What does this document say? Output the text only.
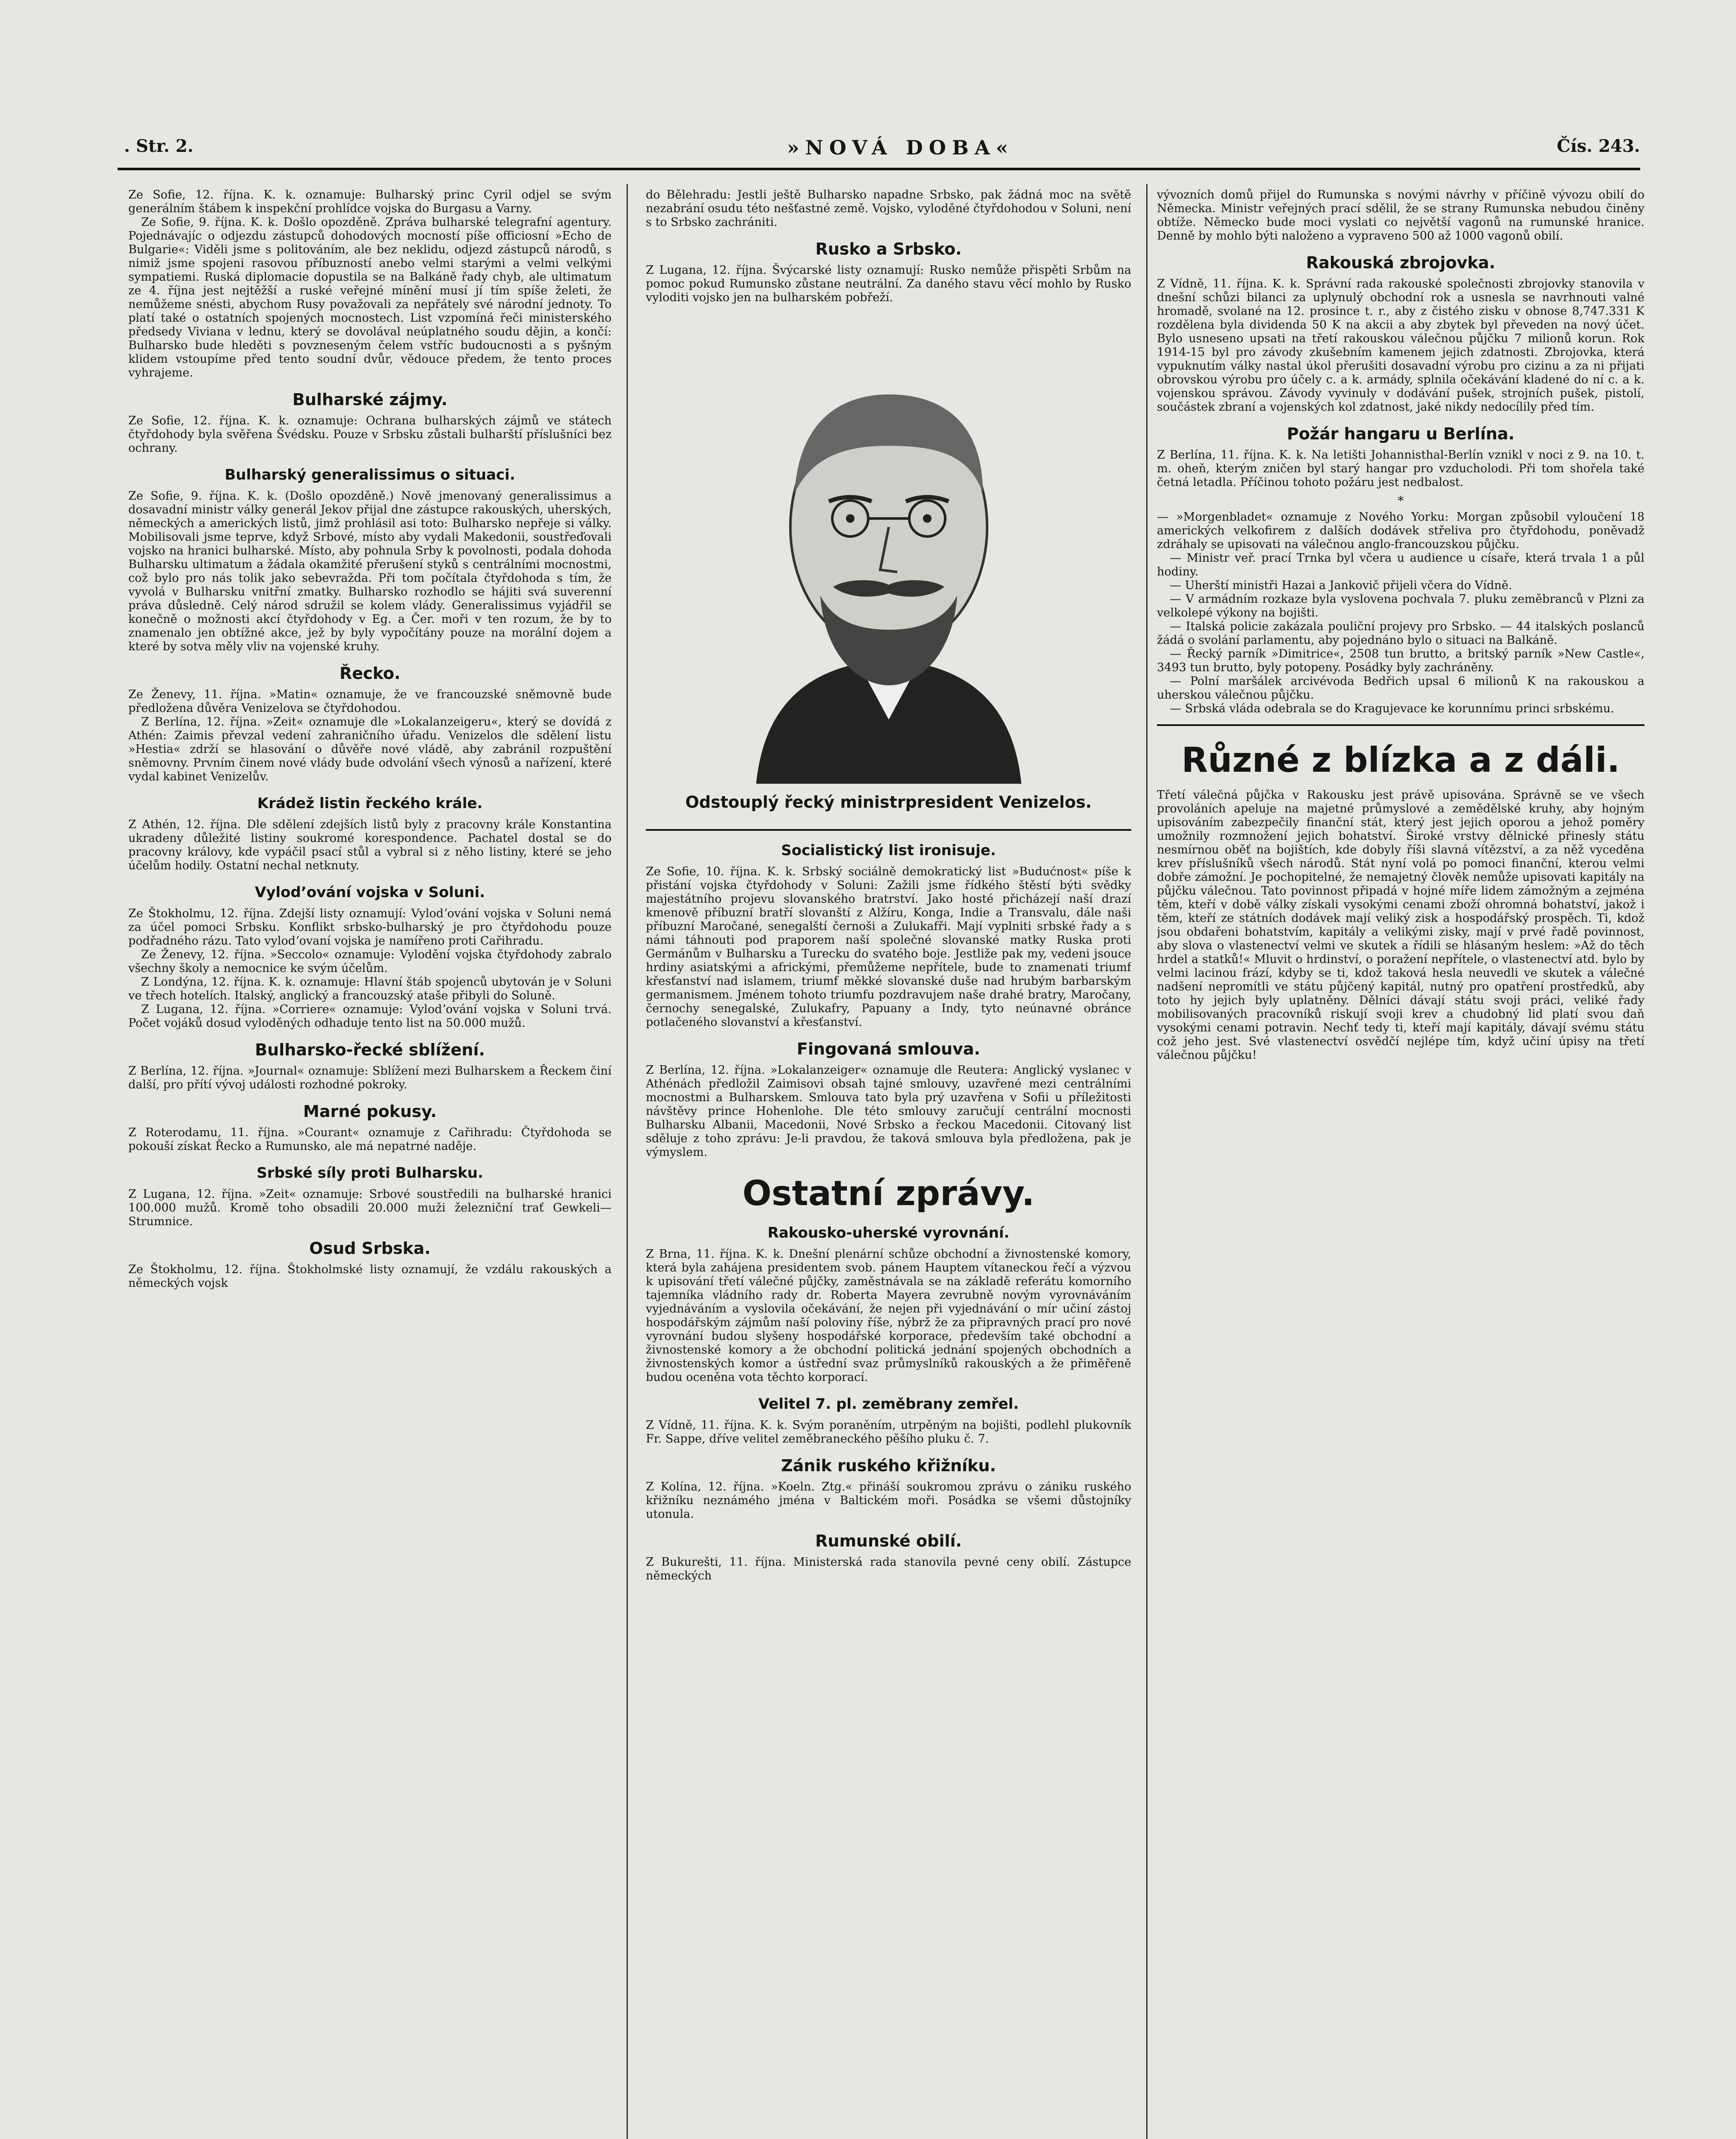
. Str. 2.	»NOVÁ DOBA«	Čís. 243.

Ze Sofie, 12. října. K. k. oznamuje: Bulharský princ Cyril odjel se svým generálním štábem k inspekční prohlídce vojska do Burgasu a Varny.

Ze Sofie, 9. října. K. k. Došlo opozděně. Zpráva bulharské telegrafní agentury. Pojednávajíc o odjezdu zástupců dohodových mocností píše officiosní »Echo de Bulgarie«: Viděli jsme s politováním, ale bez neklidu, odjezd zástupců národů, s nimiž jsme spojeni rasovou příbuzností anebo velmi starými a velmi velkými sympatiemi. Ruská diplomacie dopustila se na Balkáně řady chyb, ale ultimatum ze 4. října jest nejtěžší a ruské veřejné mínění musí jí tím spíše želeti, že nemůžeme snésti, abychom Rusy považovali za nepřátely své národní jednoty. To platí také o ostatních spojených mocnostech. List vzpomíná řeči ministerského předsedy Viviana v lednu, který se dovolával neúplatného soudu dějin, a končí: Bulharsko bude hleděti s povzneseným čelem vstříc budoucnosti a s pyšným klidem vstoupíme před tento soudní dvůr, vědouce předem, že tento proces vyhrajeme.

Bulharské zájmy.

Ze Sofie, 12. října. K. k. oznamuje: Ochrana bulharských zájmů ve státech čtyřdohody byla svěřena Švédsku. Pouze v Srbsku zůstali bulharští příslušníci bez ochrany.

Bulharský generalissimus o situaci.

Ze Sofie, 9. října. K. k. (Došlo opozděně.) Nově jmenovaný generalissimus a dosavadní ministr války generál Jekov přijal dne zástupce rakouských, uherských, německých a amerických listů, jimž prohlásil asi toto: Bulharsko nepřeje si války. Mobilisovali jsme teprve, když Srbové, místo aby vydali Makedonii, soustřeďovali vojsko na hranici bulharské. Místo, aby pohnula Srby k povolnosti, podala dohoda Bulharsku ultimatum a žádala okamžité přerušení styků s centrálními mocnostmi, což bylo pro nás tolik jako sebevražda. Při tom počítala čtyřdohoda s tím, že vyvolá v Bulharsku vnitřní zmatky. Bulharsko rozhodlo se hájiti svá suverenní práva důsledně. Celý národ sdružil se kolem vlády. Generalissimus vyjádřil se konečně o možnosti akcí čtyřdohody v Eg. a Čer. moři v ten rozum, že by to znamenalo jen obtížné akce, jež by byly vypočítány pouze na morální dojem a které by sotva měly vliv na vojenské kruhy.

Řecko.

Ze Ženevy, 11. října. »Matin« oznamuje, že ve francouzské sněmovně bude předložena důvěra Venizelova se čtyřdohodou.

Z Berlína, 12. října. »Zeit« oznamuje dle »Lokalanzeigeru«, který se dovídá z Athén: Zaimis převzal vedení zahraničního úřadu. Venizelos dle sdělení listu »Hestia« zdrží se hlasování o důvěře nové vládě, aby zabránil rozpuštění sněmovny. Prvním činem nové vlády bude odvolání všech výnosů a nařízení, které vydal kabinet Venizelův.

Krádež listin řeckého krále.

Z Athén, 12. října. Dle sdělení zdejších listů byly z pracovny krále Konstantina ukradeny důležité listiny soukromé korespondence. Pachatel dostal se do pracovny královy, kde vypáčil psací stůl a vybral si z něho listiny, které se jeho účelům hodily. Ostatní nechal netknuty.

Vylodʼování vojska v Soluni.

Ze Štokholmu, 12. října. Zdejší listy oznamují: Vylodʼování vojska v Soluni nemá za účel pomoci Srbsku. Konflikt srbsko-bulharský je pro čtyřdohodu pouze podřadného rázu. Tato vylodʼovaní vojska je namířeno proti Cařihradu.

Ze Ženevy, 12. října. »Seccolo« oznamuje: Vylodění vojska čtyřdohody zabralo všechny školy a nemocnice ke svým účelům.

Z Londýna, 12. října. K. k. oznamuje: Hlavní štáb spojenců ubytován je v Soluni ve třech hotelích. Italský, anglický a francouzský ataše přibyli do Soluně.

Z Lugana, 12. října. »Corriere« oznamuje: Vylodʼování vojska v Soluni trvá. Počet vojáků dosud vyloděných odhaduje tento list na 50.000 mužů.

Bulharsko-řecké sblížení.

Z Berlína, 12. října. »Journal« oznamuje: Sblížení mezi Bulharskem a Řeckem činí další, pro přítí vývoj události rozhodné pokroky.

Marné pokusy.

Z Roterodamu, 11. října. »Courant« oznamuje z Cařihradu: Čtyřdohoda se pokouší získat Řecko a Rumunsko, ale má nepatrné naděje.

Srbské síly proti Bulharsku.

Z Lugana, 12. října. »Zeit« oznamuje: Srbové soustředili na bulharské hranici 100.000 mužů. Kromě toho obsadili 20.000 muži železniční trať Gewkeli—Strumnice.

Osud Srbska.

Ze Štokholmu, 12. října. Štokholmské listy oznamují, že vzdálu rakouských a německých vojsk

do Bělehradu: Jestli ještě Bulharsko napadne Srbsko, pak žádná moc na světě nezabrání osudu této nešťastné země. Vojsko, vyloděné čtyřdohodou v Soluni, není s to Srbsko zachrániti.

Rusko a Srbsko.

Z Lugana, 12. října. Švýcarské listy oznamují: Rusko nemůže přispěti Srbům na pomoc pokud Rumunsko zůstane neutrální. Za daného stavu věcí mohlo by Rusko vyloditi vojsko jen na bulharském pobřeží.

Odstouplý řecký ministrpresident Venizelos.
Socialistický list ironisuje.

Ze Sofie, 10. října. K. k. Srbský sociálně demokratický list »Budućnost« píše k přistání vojska čtyřdohody v Soluni: Zažili jsme řídkého štěstí býti svědky majestátního projevu slovanského bratrství. Jako hosté přicházejí naší drazí kmenově příbuzní bratří slovanští z Alžíru, Konga, Indie a Transvalu, dále naši příbuzní Maročané, senegalští černoši a Zulukafři. Mají vyplniti srbské řady a s námi táhnouti pod praporem naší společné slovanské matky Ruska proti Germánům v Bulharsku a Turecku do svatého boje. Jestliže pak my, vedeni jsouce hrdiny asiatskými a africkými, přemůžeme nepřítele, bude to znamenati triumf křesťanství nad islamem, triumf měkké slovanské duše nad hrubým barbarským germanismem. Jménem tohoto triumfu pozdravujem naše drahé bratry, Maročany, černochy senegalské, Zulukafry, Papuany a Indy, tyto neúnavné obránce potlačeného slovanství a křesťanství.

Fingovaná smlouva.

Z Berlína, 12. října. »Lokalanzeiger« oznamuje dle Reutera: Anglický vyslanec v Athénách předložil Zaimisovi obsah tajné smlouvy, uzavřené mezi centrálními mocnostmi a Bulharskem. Smlouva tato byla prý uzavřena v Sofii u příležitosti návštěvy prince Hohenlohe. Dle této smlouvy zaručují centrální mocnosti Bulharsku Albanii, Macedonii, Nové Srbsko a řeckou Macedonii. Citovaný list sděluje z toho zprávu: Je-li pravdou, že taková smlouva byla předložena, pak je výmyslem.

Ostatní zprávy.
Rakousko-uherské vyrovnání.

Z Brna, 11. října. K. k. Dnešní plenární schůze obchodní a živnostenské komory, která byla zahájena presidentem svob. pánem Hauptem vítaneckou řečí a výzvou k upisování třetí válečné půjčky, zaměstnávala se na základě referátu komorního tajemníka vládního rady dr. Roberta Mayera zevrubně novým vyrovnáváním vyjednáváním a vyslovila očekávání, že nejen při vyjednávání o mír učiní zástoj hospodářským zájmům naší poloviny říše, nýbrž že za připravných prací pro nové vyrovnání budou slyšeny hospodářské korporace, především také obchodní a živnostenské komory a že obchodní politická jednání spojených obchodních a živnostenských komor a ústřední svaz průmyslníků rakouských a že přiměřeně budou oceněna vota těchto korporací.

Velitel 7. pl. zeměbrany zemřel.

Z Vídně, 11. října. K. k. Svým poraněním, utrpěným na bojišti, podlehl plukovník Fr. Sappe, dříve velitel zeměbraneckého pěšího pluku č. 7.

Zánik ruského křižníku.

Z Kolína, 12. října. »Koeln. Ztg.« přináší soukromou zprávu o zániku ruského křižníku neznámého jména v Baltickém moři. Posádka se všemi důstojníky utonula.

Rumunské obilí.

Z Bukurešti, 11. října. Ministerská rada stanovila pevné ceny obilí. Zástupce německých

vývozních domů přijel do Rumunska s novými návrhy v příčině vývozu obilí do Německa. Ministr veřejných prací sdělil, že se strany Rumunska nebudou činěny obtíže. Německo bude moci vyslati co největší vagonů na rumunské hranice. Denně by mohlo býti naloženo a vypraveno 500 až 1000 vagonů obilí.

Rakouská zbrojovka.

Z Vídně, 11. října. K. k. Správní rada rakouské společnosti zbrojovky stanovila v dnešní schůzi bilanci za uplynulý obchodní rok a usnesla se navrhnouti valné hromadě, svolané na 12. prosince t. r., aby z čistého zisku v obnose 8,747.331 K rozdělena byla dividenda 50 K na akcii a aby zbytek byl převeden na nový účet. Bylo usneseno upsati na třetí rakouskou válečnou půjčku 7 milionů korun. Rok 1914-15 byl pro závody zkušebním kamenem jejich zdatnosti. Zbrojovka, která vypuknutím války nastal úkol přerušiti dosavadní výrobu pro cizinu a za ni přijati obrovskou výrobu pro účely c. a k. armády, splnila očekávání kladené do ní c. a k. vojenskou správou. Závody vyvinuly v dodávání pušek, strojních pušek, pistolí, součástek zbraní a vojenských kol zdatnost, jaké nikdy nedocílily před tím.

Požár hangaru u Berlína.

Z Berlína, 11. října. K. k. Na letišti Johannisthal-Berlín vznikl v noci z 9. na 10. t. m. oheň, kterým zničen byl starý hangar pro vzducholodi. Při tom shořela také četná letadla. Příčinou tohoto požáru jest nedbalost.

*

— »Morgenbladet« oznamuje z Nového Yorku: Morgan způsobil vyloučení 18 amerických velkofirem z dalších dodávek střeliva pro čtyřdohodu, poněvadž zdráhaly se upisovati na válečnou anglo-francouzskou půjčku.

— Ministr veř. prací Trnka byl včera u audience u císaře, která trvala 1 a půl hodiny.

— Uherští ministři Hazai a Jankovič přijeli včera do Vídně.

— V armádním rozkaze byla vyslovena pochvala 7. pluku zeměbranců v Plzni za velkolepé výkony na bojišti.

— Italská policie zakázala pouliční projevy pro Srbsko. — 44 italských poslanců žádá o svolání parlamentu, aby pojednáno bylo o situaci na Balkáně.

— Řecký parník »Dimitrice«, 2508 tun brutto, a britský parník »New Castle«, 3493 tun brutto, byly potopeny. Posádky byly zachráněny.

— Polní maršálek arcivévoda Bedřich upsal 6 milionů K na rakouskou a uherskou válečnou půjčku.

— Srbská vláda odebrala se do Kragujevace ke korunnímu princi srbskému.

Různé z blízka a z dáli.

Třetí válečná půjčka v Rakousku jest právě upisována. Správně se ve všech provoláních apeluje na majetné průmyslové a zemědělské kruhy, aby hojným upisováním zabezpečily finanční stát, který jest jejich oporou a jehož poměry umožnily rozmnožení jejich bohatství. Široké vrstvy dělnické přinesly státu nesmírnou oběť na bojištích, kde dobyly říši slavná vítězství, a za něž vyceděna krev příslušníků všech národů. Stát nyní volá po pomoci finanční, kterou velmi dobře zámožní. Je pochopitelné, že nemajetný člověk nemůže upisovati kapitály na půjčku válečnou. Tato povinnost připadá v hojné míře lidem zámožným a zejména těm, kteří v době války získali vysokými cenami zboží ohromná bohatství, jakož i těm, kteří ze státních dodávek mají veliký zisk a hospodářský prospěch. Ti, kdož jsou obdařeni bohatstvím, kapitály a velikými zisky, mají v prvé řadě povinnost, aby slova o vlastenectví velmi ve skutek a řídili se hlásaným heslem: »Až do těch hrdel a statků!« Mluvit o hrdinství, o poražení nepřítele, o vlastenectví atd. bylo by velmi lacinou frází, kdyby se ti, kdož taková hesla neuvedli ve skutek a válečné nadšení nepromítli ve státu půjčený kapitál, nutný pro opatření prostředků, aby toto hy jejich byly uplatněny. Dělníci dávají státu svoji práci, veliké řady mobilisovaných pracovníků riskují svoji krev a chudobný lid platí svou daň vysokými cenami potravin. Nechť tedy ti, kteří mají kapitály, dávají svému státu což jeho jest. Své vlastenectví osvědčí nejlépe tím, když učiní úpisy na třetí válečnou půjčku!
